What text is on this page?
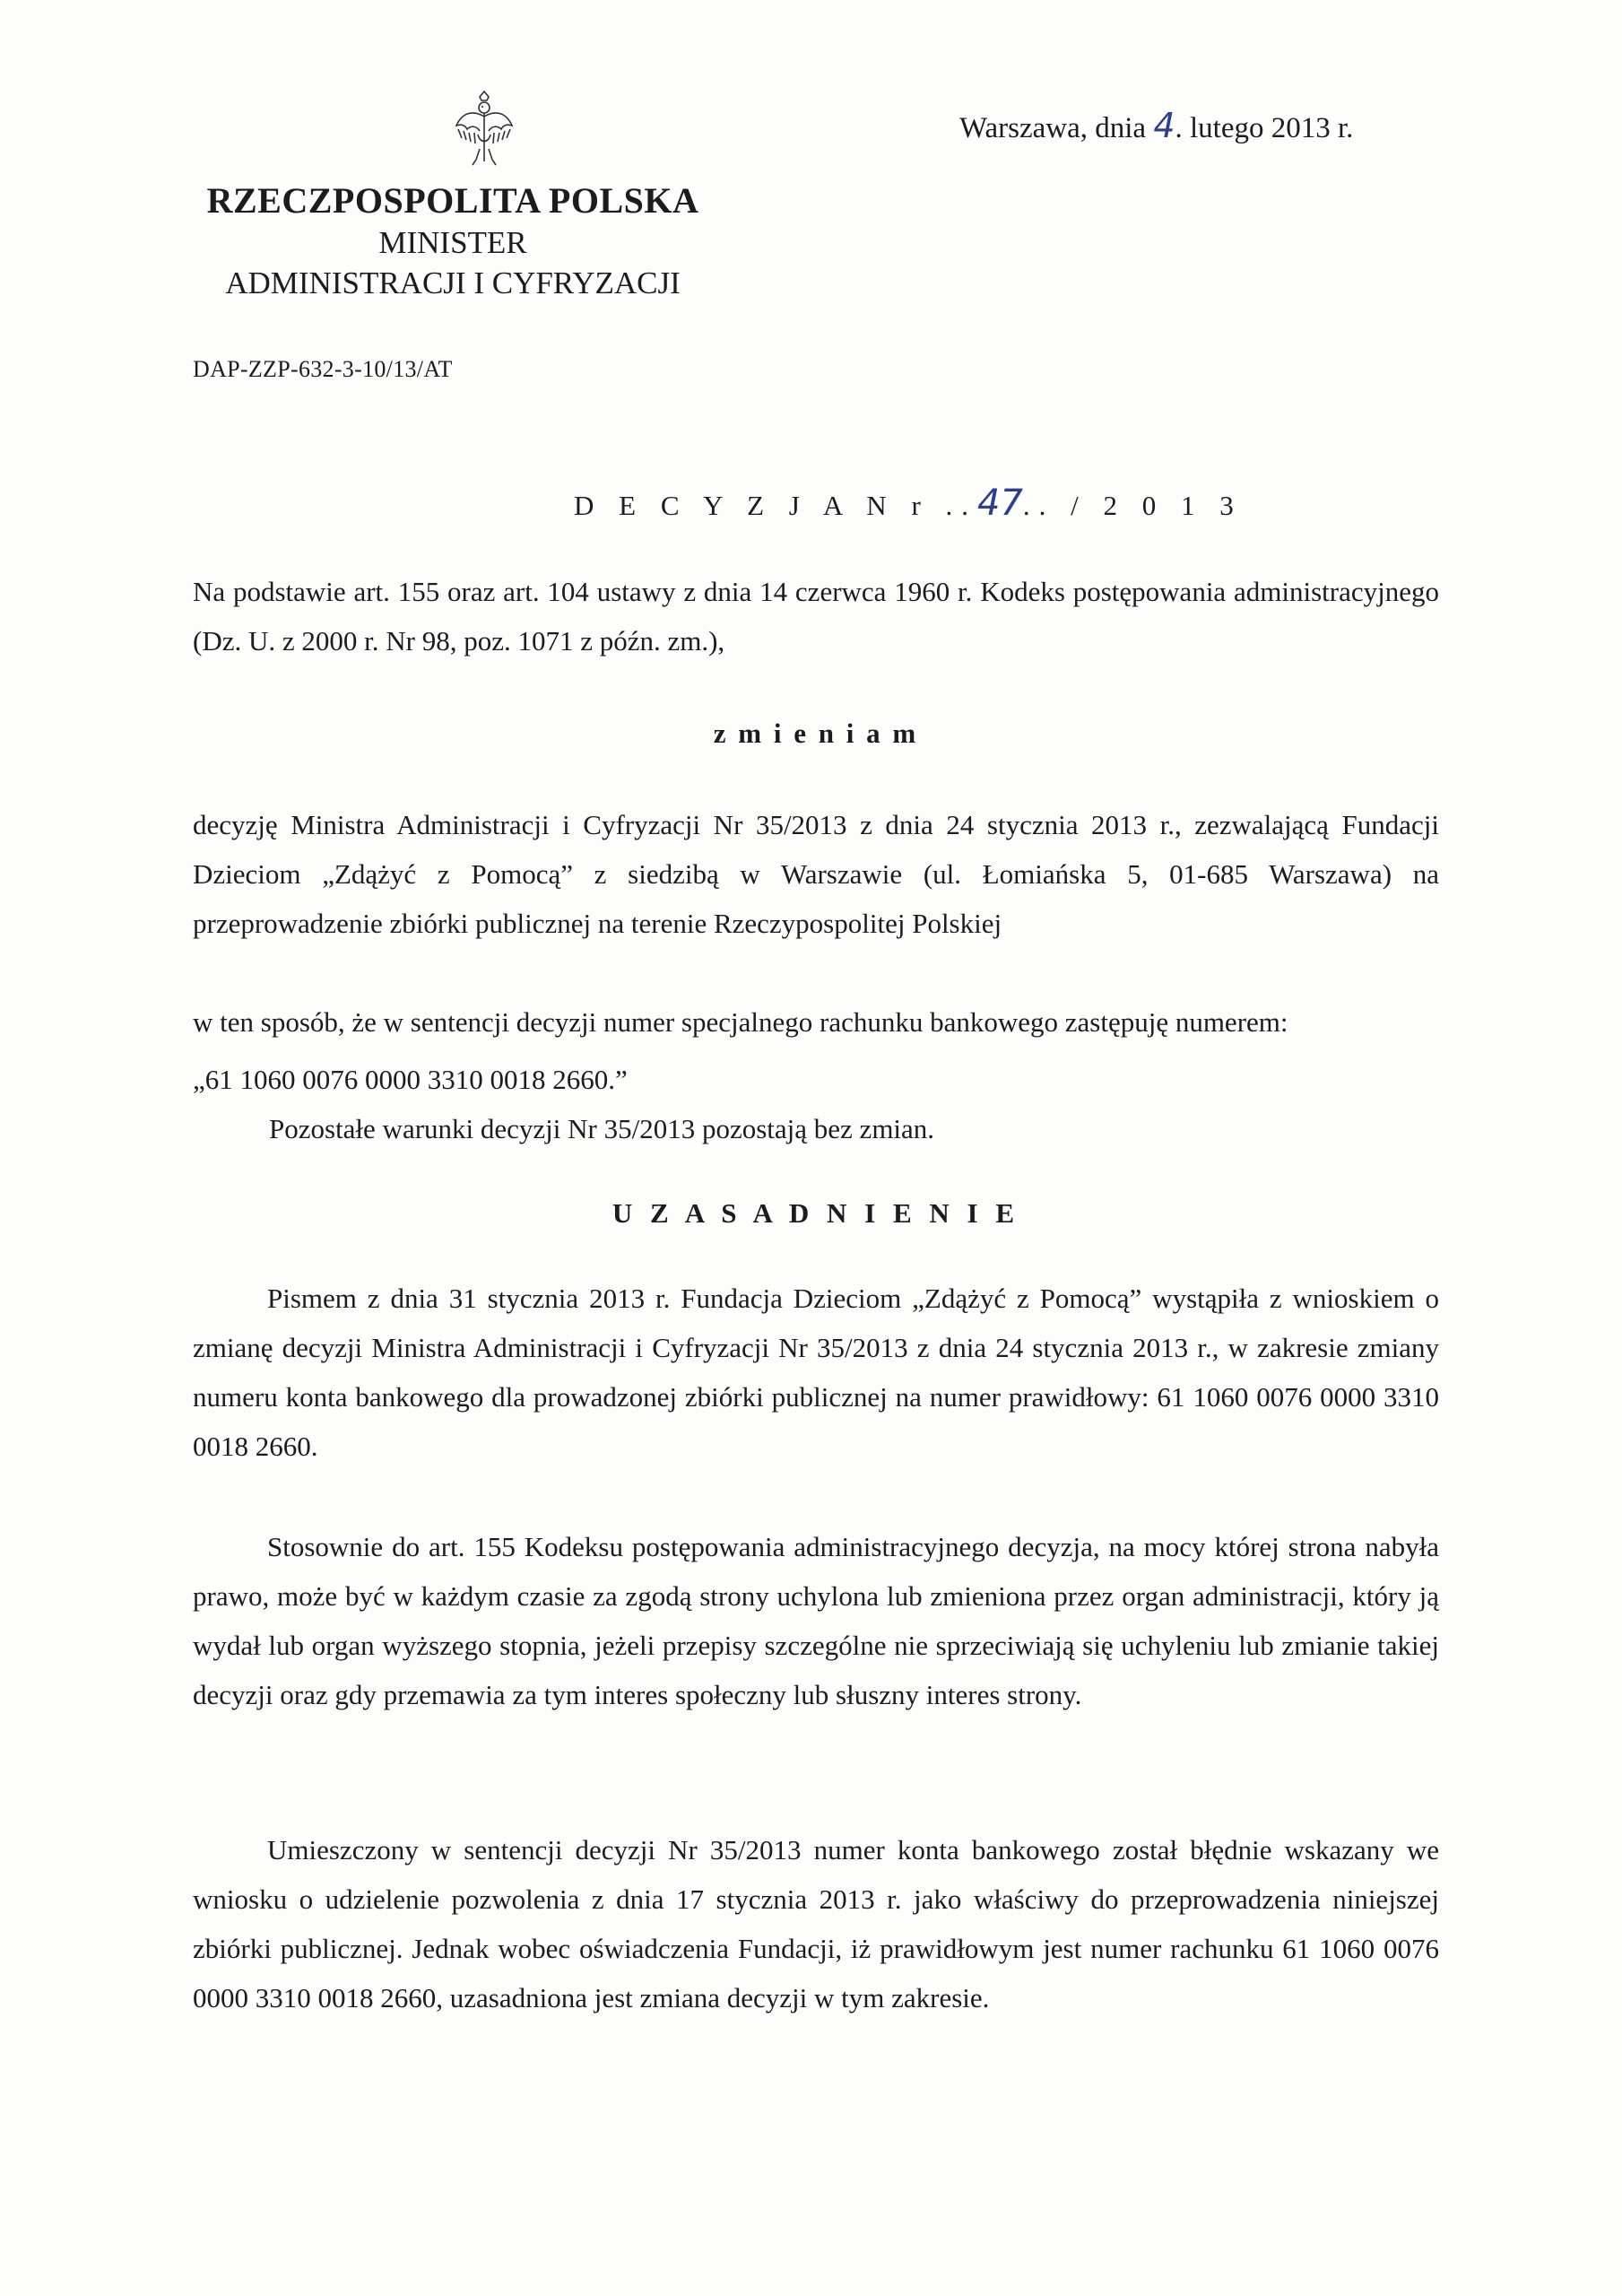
RZECZPOSPOLITA POLSKA
MINISTER
ADMINISTRACJI I CYFRYZACJI
Warszawa, dnia 4. lutego 2013 r.
DAP-ZZP-632-3-10/13/AT
D E C Y Z J A N r ..47.. / 2 0 1 3
Na podstawie art. 155 oraz art. 104 ustawy z dnia 14 czerwca 1960 r. Kodeks postępowania administracyjnego (Dz. U. z 2000 r. Nr 98, poz. 1071 z późn. zm.),
z m i e n i a m
decyzję Ministra Administracji i Cyfryzacji Nr 35/2013 z dnia 24 stycznia 2013 r., zezwalającą Fundacji Dzieciom „Zdążyć z Pomocą” z siedzibą w Warszawie (ul. Łomiańska 5, 01-685 Warszawa) na przeprowadzenie zbiórki publicznej na terenie Rzeczypospolitej Polskiej
w ten sposób, że w sentencji decyzji numer specjalnego rachunku bankowego zastępuję numerem:
„61 1060 0076 0000 3310 0018 2660.”
Pozostałe warunki decyzji Nr 35/2013 pozostają bez zmian.
U Z A S A D N I E N I E
Pismem z dnia 31 stycznia 2013 r. Fundacja Dzieciom „Zdążyć z Pomocą” wystąpiła z wnioskiem o zmianę decyzji Ministra Administracji i Cyfryzacji Nr 35/2013 z dnia 24 stycznia 2013 r., w zakresie zmiany numeru konta bankowego dla prowadzonej zbiórki publicznej na numer prawidłowy: 61 1060 0076 0000 3310 0018 2660.
Stosownie do art. 155 Kodeksu postępowania administracyjnego decyzja, na mocy której strona nabyła prawo, może być w każdym czasie za zgodą strony uchylona lub zmieniona przez organ administracji, który ją wydał lub organ wyższego stopnia, jeżeli przepisy szczególne nie sprzeciwiają się uchyleniu lub zmianie takiej decyzji oraz gdy przemawia za tym interes społeczny lub słuszny interes strony.
Umieszczony w sentencji decyzji Nr 35/2013 numer konta bankowego został błędnie wskazany we wniosku o udzielenie pozwolenia z dnia 17 stycznia 2013 r. jako właściwy do przeprowadzenia niniejszej zbiórki publicznej. Jednak wobec oświadczenia Fundacji, iż prawidłowym jest numer rachunku 61 1060 0076 0000 3310 0018 2660, uzasadniona jest zmiana decyzji w tym zakresie.
